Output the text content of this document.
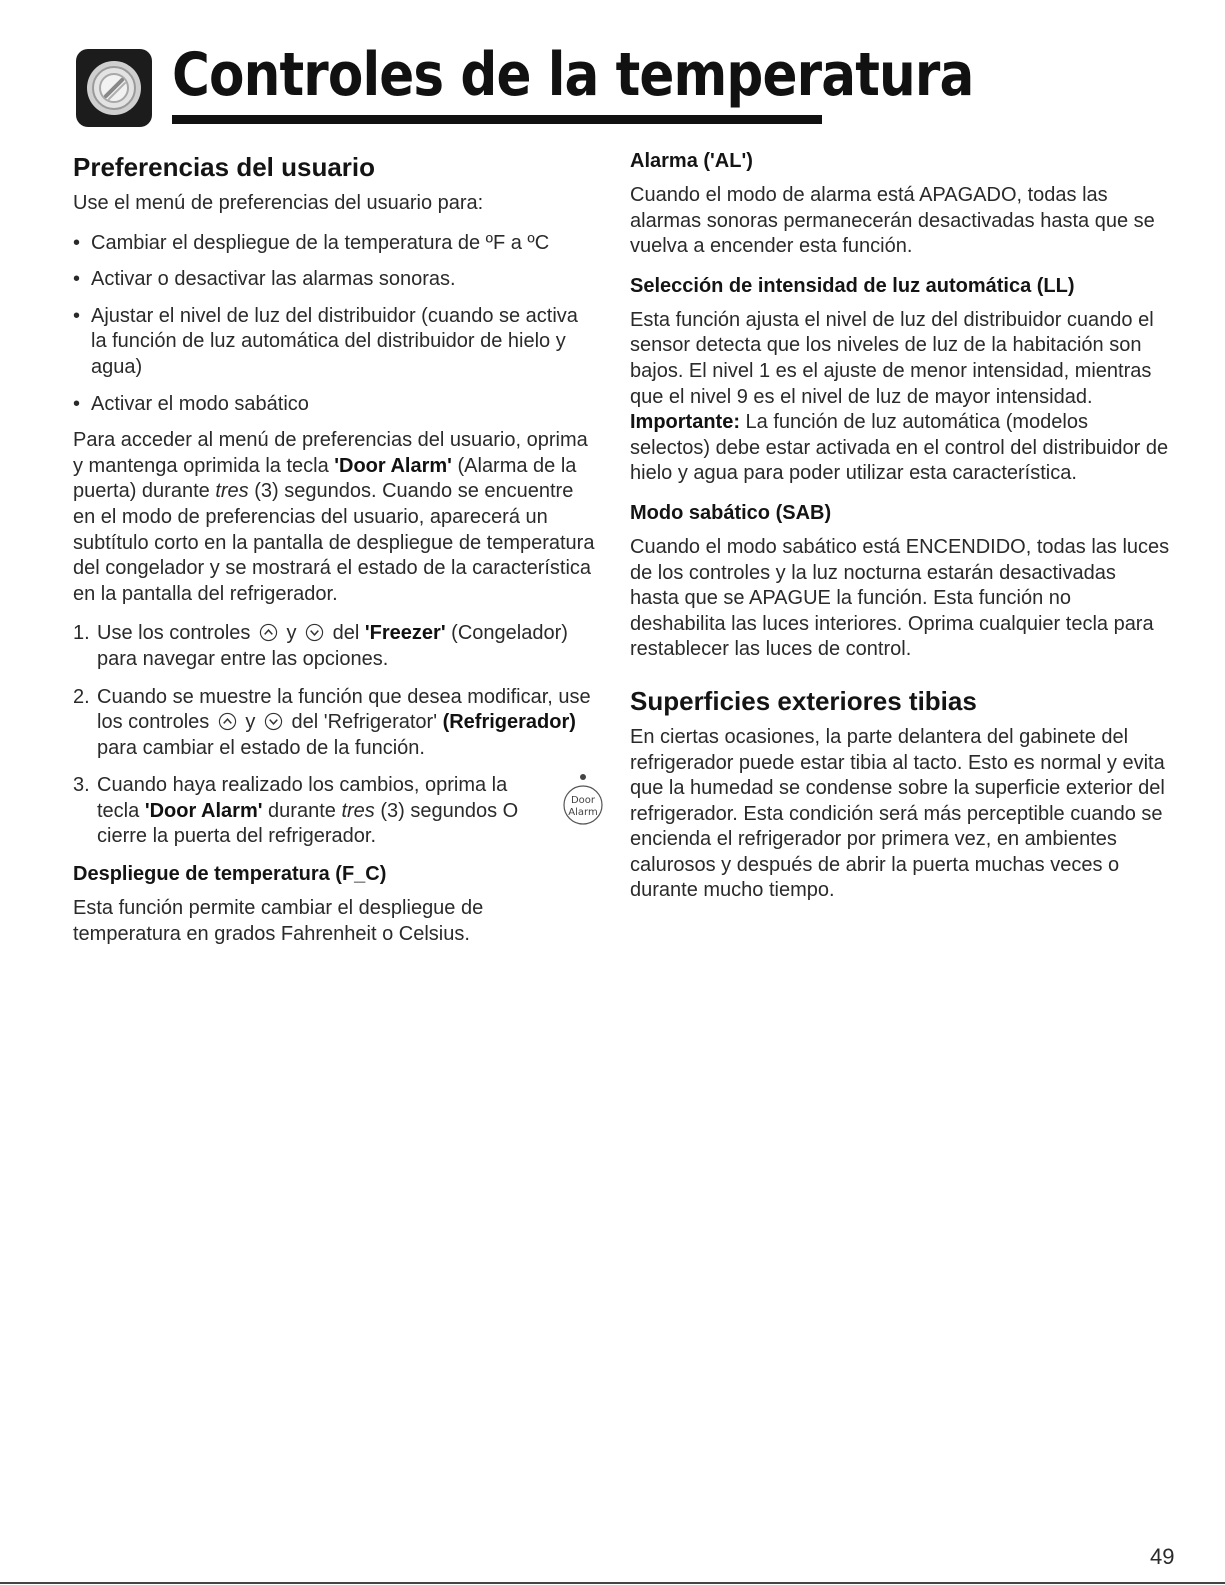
Controles de la temperatura
Preferencias del usuario

Use el menú de preferencias del usuario para:

• Cambiar el despliegue de la temperatura de ºF a ºC
• Activar o desactivar las alarmas sonoras.
• Ajustar el nivel de luz del distribuidor (cuando se activa la función de luz automática del distribuidor de hielo y agua)
• Activar el modo sabático

Para acceder al menú de preferencias del usuario, oprima y mantenga oprimida la tecla 'Door Alarm' (Alarma de la puerta) durante tres (3) segundos. Cuando se encuentre en el modo de preferencias del usuario, aparecerá un subtítulo corto en la pantalla de despliegue de temperatura del congelador y se mostrará el estado de la característica en la pantalla del refrigerador.

1. Use los controles y del 'Freezer' (Congelador) para navegar entre las opciones.
2. Cuando se muestre la función que desea modificar, use los controles y del 'Refrigerator' (Refrigerador) para cambiar el estado de la función.
3. Cuando haya realizado los cambios, oprima la tecla 'Door Alarm' durante tres (3) segundos O cierre la puerta del refrigerador.
Door
Alarm
Despliegue de temperatura (F_C)

Esta función permite cambiar el despliegue de temperatura en grados Fahrenheit o Celsius.

Alarma ('AL')

Cuando el modo de alarma está APAGADO, todas las alarmas sonoras permanecerán desactivadas hasta que se vuelva a encender esta función.

Selección de intensidad de luz automática (LL)

Esta función ajusta el nivel de luz del distribuidor cuando el sensor detecta que los niveles de luz de la habitación son bajos. El nivel 1 es el ajuste de menor intensidad, mientras que el nivel 9 es el nivel de luz de mayor intensidad. Importante: La función de luz automática (modelos selectos) debe estar activada en el control del distribuidor de hielo y agua para poder utilizar esta característica.

Modo sabático (SAB)

Cuando el modo sabático está ENCENDIDO, todas las luces de los controles y la luz nocturna estarán desactivadas hasta que se APAGUE la función. Esta función no deshabilita las luces interiores. Oprima cualquier tecla para restablecer las luces de control.

Superficies exteriores tibias

En ciertas ocasiones, la parte delantera del gabinete del refrigerador puede estar tibia al tacto. Esto es normal y evita que la humedad se condense sobre la superficie exterior del refrigerador. Esta condición será más perceptible cuando se encienda el refrigerador por primera vez, en ambientes calurosos y después de abrir la puerta muchas veces o durante mucho tiempo.

49
